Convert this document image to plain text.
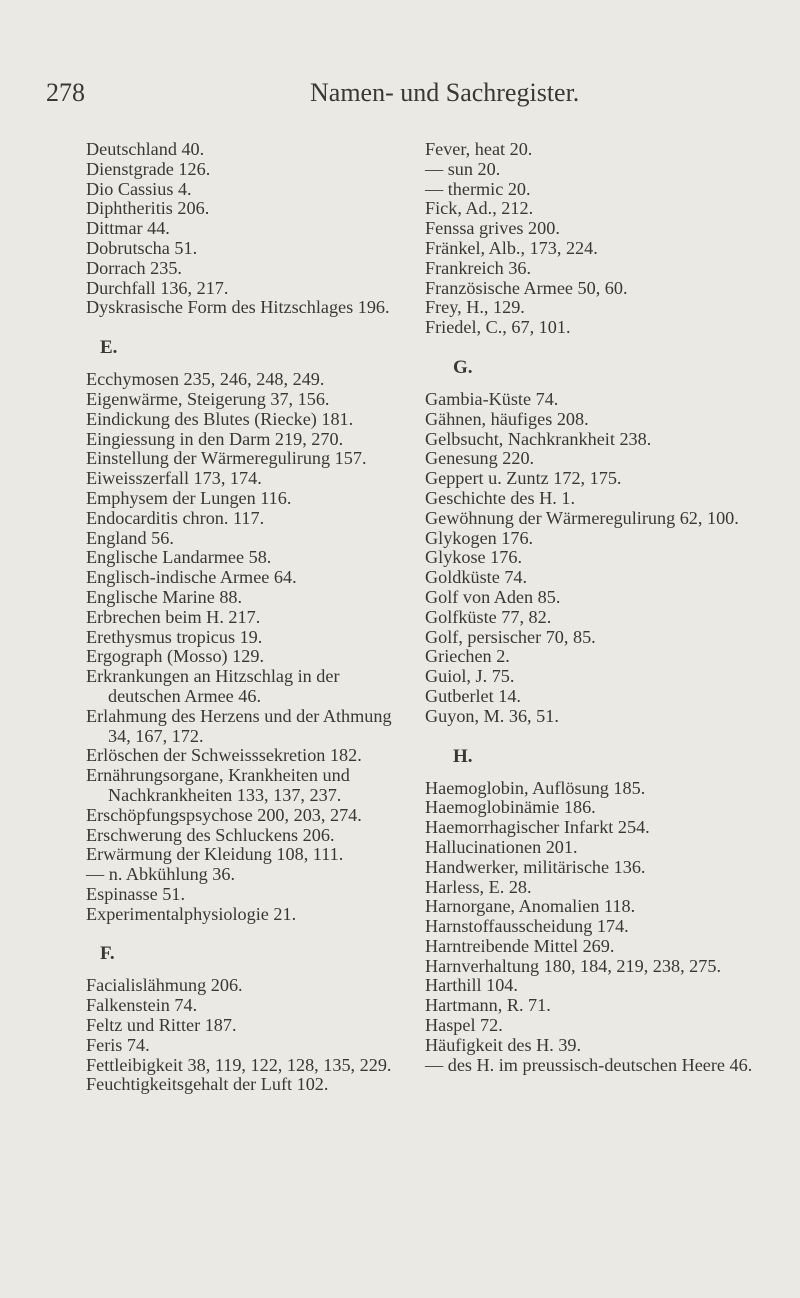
278	Namen- und Sachregister.
Deutschland 40.
Dienstgrade 126.
Dio Cassius 4.
Diphtheritis 206.
Dittmar 44.
Dobrutscha 51.
Dorrach 235.
Durchfall 136, 217.
Dyskrasische Form des Hitzschlages 196.
E.
Ecchymosen 235, 246, 248, 249.
Eigenwärme, Steigerung 37, 156.
Eindickung des Blutes (Riecke) 181.
Eingiessung in den Darm 219, 270.
Einstellung der Wärmeregulirung 157.
Eiweisszerfall 173, 174.
Emphysem der Lungen 116.
Endocarditis chron. 117.
England 56.
Englische Landarmee 58.
Englisch-indische Armee 64.
Englische Marine 88.
Erbrechen beim H. 217.
Erethysmus tropicus 19.
Ergograph (Mosso) 129.
Erkrankungen an Hitzschlag in der deutschen Armee 46.
Erlahmung des Herzens und der Athmung 34, 167, 172.
Erlöschen der Schweisssekretion 182.
Ernährungsorgane, Krankheiten und Nachkrankheiten 133, 137, 237.
Erschöpfungspsychose 200, 203, 274.
Erschwerung des Schluckens 206.
Erwärmung der Kleidung 108, 111.
— n. Abkühlung 36.
Espinasse 51.
Experimentalphysiologie 21.
F.
Facialislähmung 206.
Falkenstein 74.
Feltz und Ritter 187.
Feris 74.
Fettleibigkeit 38, 119, 122, 128, 135, 229.
Feuchtigkeitsgehalt der Luft 102.
Fever, heat 20.
— sun 20.
— thermic 20.
Fick, Ad., 212.
Fenssa grives 200.
Fränkel, Alb., 173, 224.
Frankreich 36.
Französische Armee 50, 60.
Frey, H., 129.
Friedel, C., 67, 101.
G.
Gambia-Küste 74.
Gähnen, häufiges 208.
Gelbsucht, Nachkrankheit 238.
Genesung 220.
Geppert u. Zuntz 172, 175.
Geschichte des H. 1.
Gewöhnung der Wärmeregulirung 62, 100.
Glykogen 176.
Glykose 176.
Goldküste 74.
Golf von Aden 85.
Golfküste 77, 82.
Golf, persischer 70, 85.
Griechen 2.
Guiol, J. 75.
Gutberlet 14.
Guyon, M. 36, 51.
H.
Haemoglobin, Auflösung 185.
Haemoglobinämie 186.
Haemorrhagischer Infarkt 254.
Hallucinationen 201.
Handwerker, militärische 136.
Harless, E. 28.
Harnorgane, Anomalien 118.
Harnstoffausscheidung 174.
Harntreibende Mittel 269.
Harnverhaltung 180, 184, 219, 238, 275.
Harthill 104.
Hartmann, R. 71.
Haspel 72.
Häufigkeit des H. 39.
— des H. im preussisch-deutschen Heere 46.
